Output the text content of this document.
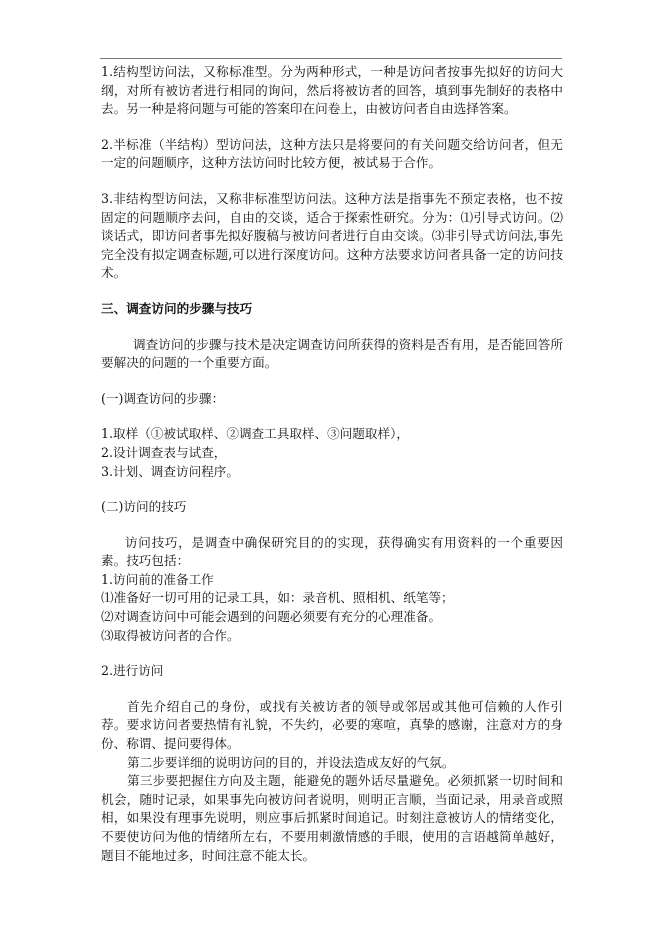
1.结构型访问法，又称标准型。分为两种形式，一种是访问者按事先拟好的访问大纲，对所有被访者进行相同的询问，然后将被访者的回答，填到事先制好的表格中去。另一种是将问题与可能的答案印在问卷上，由被访问者自由选择答案。

2.半标准（半结构）型访问法，这种方法只是将要问的有关问题交给访问者，但无一定的问题顺序，这种方法访问时比较方便，被试易于合作。

3.非结构型访问法，又称非标准型访问法。这种方法是指事先不预定表格，也不按固定的问题顺序去问，自由的交谈，适合于探索性研究。分为：⑴引导式访问。⑵谈话式，即访问者事先拟好腹稿与被访问者进行自由交谈。⑶非引导式访问法,事先完全没有拟定调查标题,可以进行深度访问。这种方法要求访问者具备一定的访问技术。

三、调查访问的步骤与技巧

调查访问的步骤与技术是决定调查访问所获得的资料是否有用，是否能回答所要解决的问题的一个重要方面。

(一)调查访问的步骤：

1.取样（①被试取样、②调查工具取样、③问题取样），

2.设计调查表与试查，

3.计划、调查访问程序。

(二)访问的技巧

访问技巧，是调查中确保研究目的的实现，获得确实有用资料的一个重要因素。技巧包括：

1.访问前的准备工作

⑴准备好一切可用的记录工具，如：录音机、照相机、纸笔等；

⑵对调查访问中可能会遇到的问题必须要有充分的心理准备。

⑶取得被访问者的合作。

2.进行访问

首先介绍自己的身份，或找有关被访者的领导或邻居或其他可信赖的人作引荐。要求访问者要热情有礼貌，不失约，必要的寒喧，真挚的感谢，注意对方的身份、称谓、提问要得体。

第二步要详细的说明访问的目的，并设法造成友好的气氛。

第三步要把握住方向及主题，能避免的题外话尽量避免。必须抓紧一切时间和机会，随时记录，如果事先向被访问者说明，则明正言顺，当面记录，用录音或照相，如果没有理事先说明，则应事后抓紧时间追记。时刻注意被访人的情绪变化，不要使访问为他的情绪所左右，不要用刺激情感的手眼，使用的言语越简单越好，题目不能地过多，时间注意不能太长。
